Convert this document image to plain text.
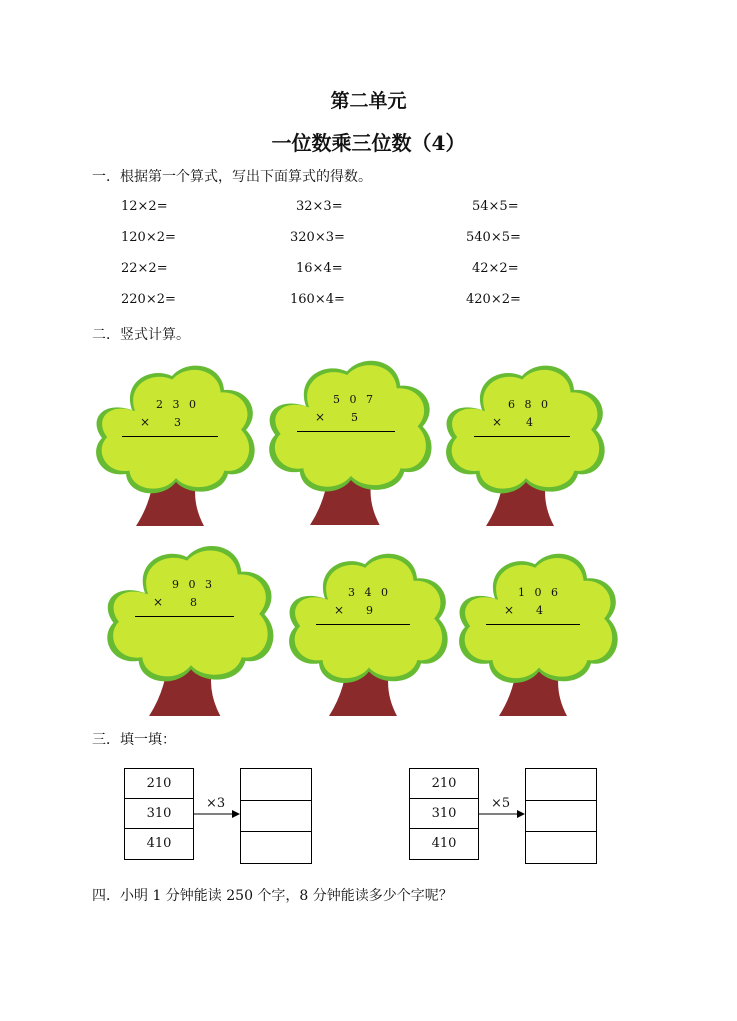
第二单元
一位数乘三位数（4）
一．根据第一个算式，写出下面算式的得数。
12×2=	32×3=	54×5=
120×2=	320×3=	540×5=
22×2=	16×4=	42×2=
220×2=	160×4=	420×2=
二．竖式计算。
2 3 0
× 3
5 0 7
× 5
6 8 0
× 4
9 0 3
× 8
3 4 0
× 9
1 0 6
× 4
三．填一填：
210
310
410
×3
210
310
410
×5
四．小明 1 分钟能读 250 个字，8 分钟能读多少个字呢？
